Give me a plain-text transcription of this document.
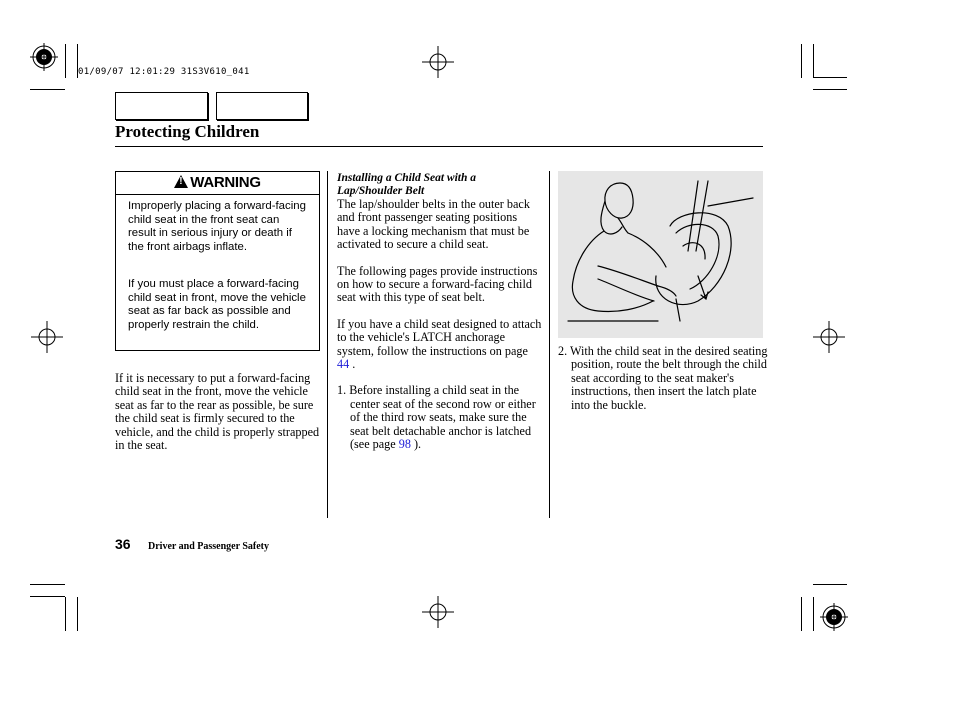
01/09/07 12:01:29 31S3V610_041
Protecting Children
!WARNING
Improperly placing a forward-facing child seat in the front seat can result in serious injury or death if the front airbags inflate.
If you must place a forward-facing child seat in front, move the vehicle seat as far back as possible and properly restrain the child.
If it is necessary to put a forward-facing child seat in the front, move the vehicle seat as far to the rear as possible, be sure the child seat is firmly secured to the vehicle, and the child is properly strapped in the seat.
Installing a Child Seat with a Lap/Shoulder Belt
The lap/shoulder belts in the outer back and front passenger seating positions have a locking mechanism that must be activated to secure a child seat.
The following pages provide instructions on how to secure a forward-facing child seat with this type of seat belt.
If you have a child seat designed to attach to the vehicle's LATCH anchorage system, follow the instructions on page 44 .
1. Before installing a child seat in the center seat of the second row or either of the third row seats, make sure the seat belt detachable anchor is latched (see page 98 ).
2. With the child seat in the desired seating position, route the belt through the child seat according to the seat maker's instructions, then insert the latch plate into the buckle.
36 Driver and Passenger Safety
